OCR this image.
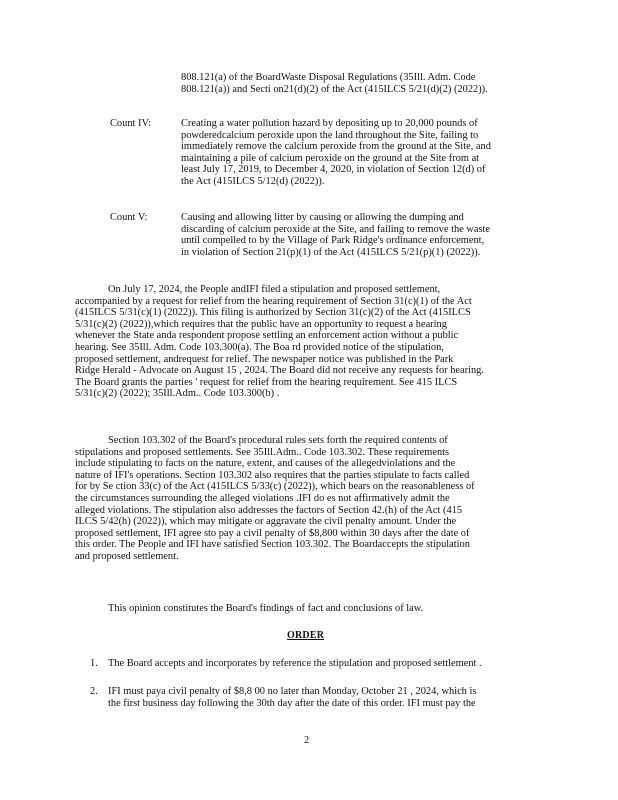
808.121(a) of the BoardWaste Disposal Regulations (35Ill. Adm. Code
808.121(a)) and Secti on21(d)(2) of the Act (415ILCS 5/21(d)(2) (2022)).
Count IV:	Creating a water pollution hazard by depositing up to 20,000 pounds of
powderedcalcium peroxide upon the land throughout the Site, failing to
immediately remove the calcium peroxide from the ground at the Site, and
maintaining a pile of calcium peroxide on the ground at the Site from at
least July 17, 2019, to December 4, 2020, in violation of Section 12(d) of
the Act (415ILCS 5/12(d) (2022)).
Count V:	Causing and allowing litter by causing or allowing the dumping and
discarding of calcium peroxide at the Site, and failing to remove the waste
until compelled to by the Village of Park Ridge's ordinance enforcement,
in violation of Section 21(p)(1) of the Act (415ILCS 5/21(p)(1) (2022)).
On July 17, 2024, the People andIFI filed a stipulation and proposed settlement,
accompanied by a request for relief from the hearing requirement of Section 31(c)(1) of the Act
(415ILCS 5/31(c)(1) (2022)). This filing is authorized by Section 31(c)(2) of the Act (415ILCS
5/31(c)(2) (2022)),which requires that the public have an opportunity to request a hearing
whenever the State anda respondent propose settling an enforcement action without a public
hearing. See 35Ill. Adm. Code 103.300(a). The Boa rd provided notice of the stipulation,
proposed settlement, andrequest for relief. The newspaper notice was published in the Park
Ridge Herald - Advocate on August 15 , 2024. The Board did not receive any requests for hearing.
The Board grants the parties ' request for relief from the hearing requirement. See 415 ILCS
5/31(c)(2) (2022); 35Ill.Adm.. Code 103.300(b) .
Section 103.302 of the Board's procedural rules sets forth the required contents of
stipulations and proposed settlements. See 35Ill.Adm.. Code 103.302. These requirements
include stipulating to facts on the nature, extent, and causes of the allegedviolations and the
nature of IFI's operations. Section 103.302 also requires that the parties stipulate to facts called
for by Se ction 33(c) of the Act (415ILCS 5/33(c) (2022)), which bears on the reasonableness of
the circumstances surrounding the alleged violations .IFI do es not affirmatively admit the
alleged violations. The stipulation also addresses the factors of Section 42.(h) of the Act (415
ILCS 5/42(h) (2022)), which may mitigate or aggravate the civil penalty amount. Under the
proposed settlement, IFI agree sto pay a civil penalty of $8,800 within 30 days after the date of
this order. The People and IFI have satisfied Section 103.302. The Boardaccepts the stipulation
and proposed settlement.
This opinion constitutes the Board's findings of fact and conclusions of law.
ORDER
1. The Board accepts and incorporates by reference the stipulation and proposed settlement .
2. IFI must paya civil penalty of $8,8 00 no later than Monday, October 21 , 2024, which is
the first business day following the 30th day after the date of this order. IFI must pay the
2
